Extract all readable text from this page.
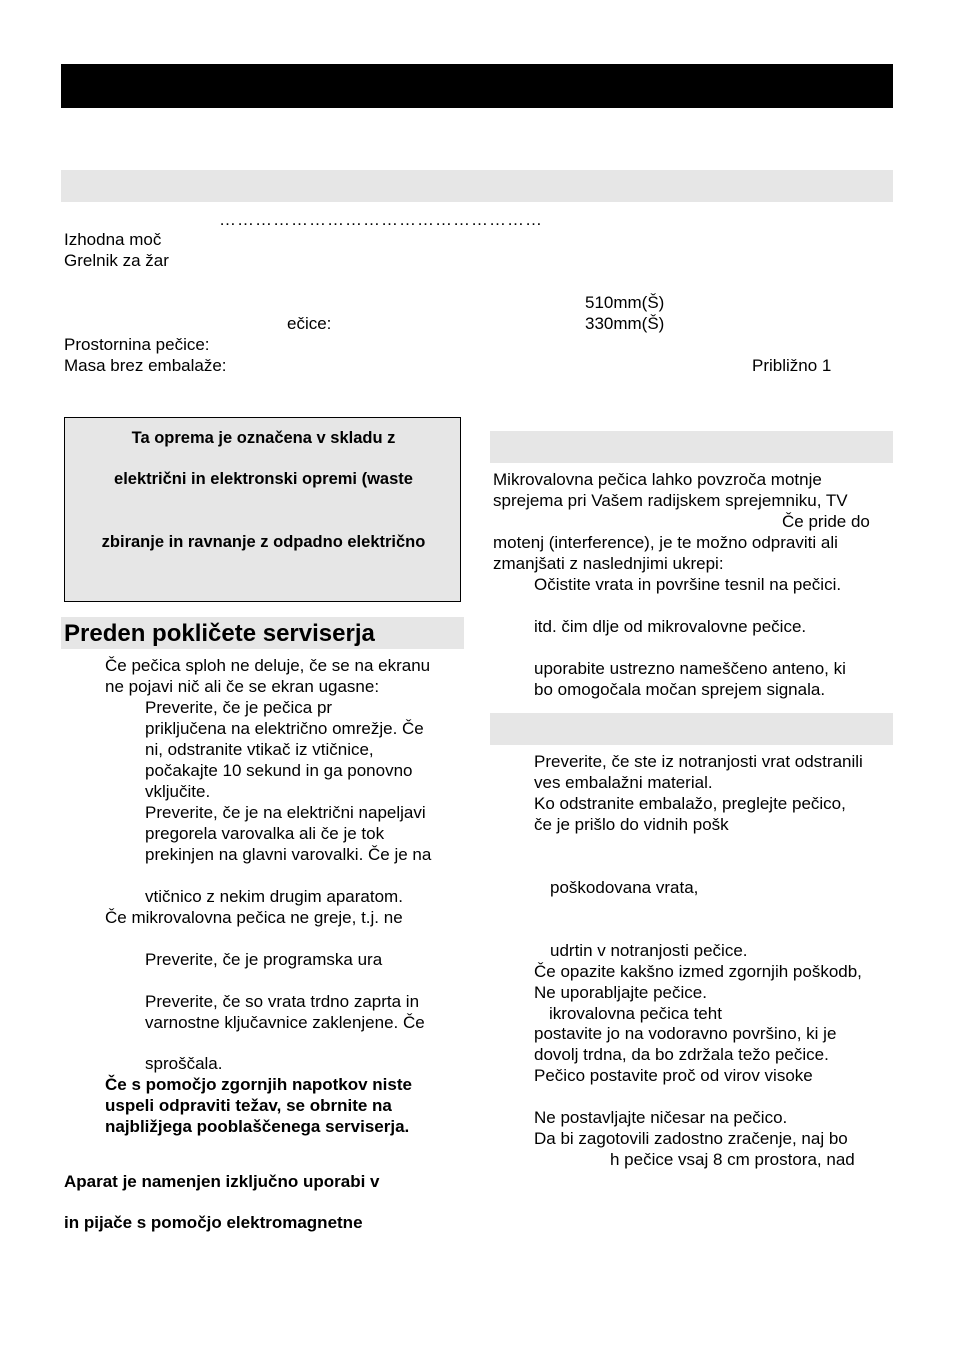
………………………………………………
Izhodna moč
Grelnik za žar
510mm(Š)
ečice:	330mm(Š)
Prostornina pečice:
Masa brez embalaže:	Približno 1
Ta oprema je označena v skladu z
električni in elektronski opremi (waste
zbiranje in ravnanje z odpadno električno
Preden pokličete serviserja
Če pečica sploh ne deluje, če se na ekranu
ne pojavi nič ali če se ekran ugasne:
Preverite, če je pečica pr
priključena na električno omrežje. Če
ni, odstranite vtikač iz vtičnice,
počakajte 10 sekund in ga ponovno
vključite.
Preverite, če je na električni napeljavi
pregorela varovalka ali če je tok
prekinjen na glavni varovalki. Če je na
vtičnico z nekim drugim aparatom.
Če mikrovalovna pečica ne greje, t.j. ne
Preverite, če je programska ura
Preverite, če so vrata trdno zaprta in
varnostne ključavnice zaklenjene. Če
sproščala.
Če s pomočjo zgornjih napotkov niste
uspeli odpraviti težav, se obrnite na
najbližjega pooblaščenega serviserja.
Aparat je namenjen izključno uporabi v
in pijače s pomočjo elektromagnetne
Mikrovalovna pečica lahko povzroča motnje
sprejema pri Vašem radijskem sprejemniku, TV
Če pride do
motenj (interference), je te možno odpraviti ali
zmanjšati z naslednjimi ukrepi:
Očistite vrata in površine tesnil na pečici.
itd. čim dlje od mikrovalovne pečice.
uporabite ustrezno nameščeno anteno, ki
bo omogočala močan sprejem signala.
Preverite, če ste iz notranjosti vrat odstranili
ves embalažni material.
Ko odstranite embalažo, preglejte pečico,
če je prišlo do vidnih pošk
poškodovana vrata,
udrtin v notranjosti pečice.
Če opazite kakšno izmed zgornjih poškodb,
Ne uporabljajte pečice.
ikrovalovna pečica teht
postavite jo na vodoravno površino, ki je
dovolj trdna, da bo zdržala težo pečice.
Pečico postavite proč od virov visoke
Ne postavljajte ničesar na pečico.
Da bi zagotovili zadostno zračenje, naj bo
h pečice vsaj 8 cm prostora, nad
